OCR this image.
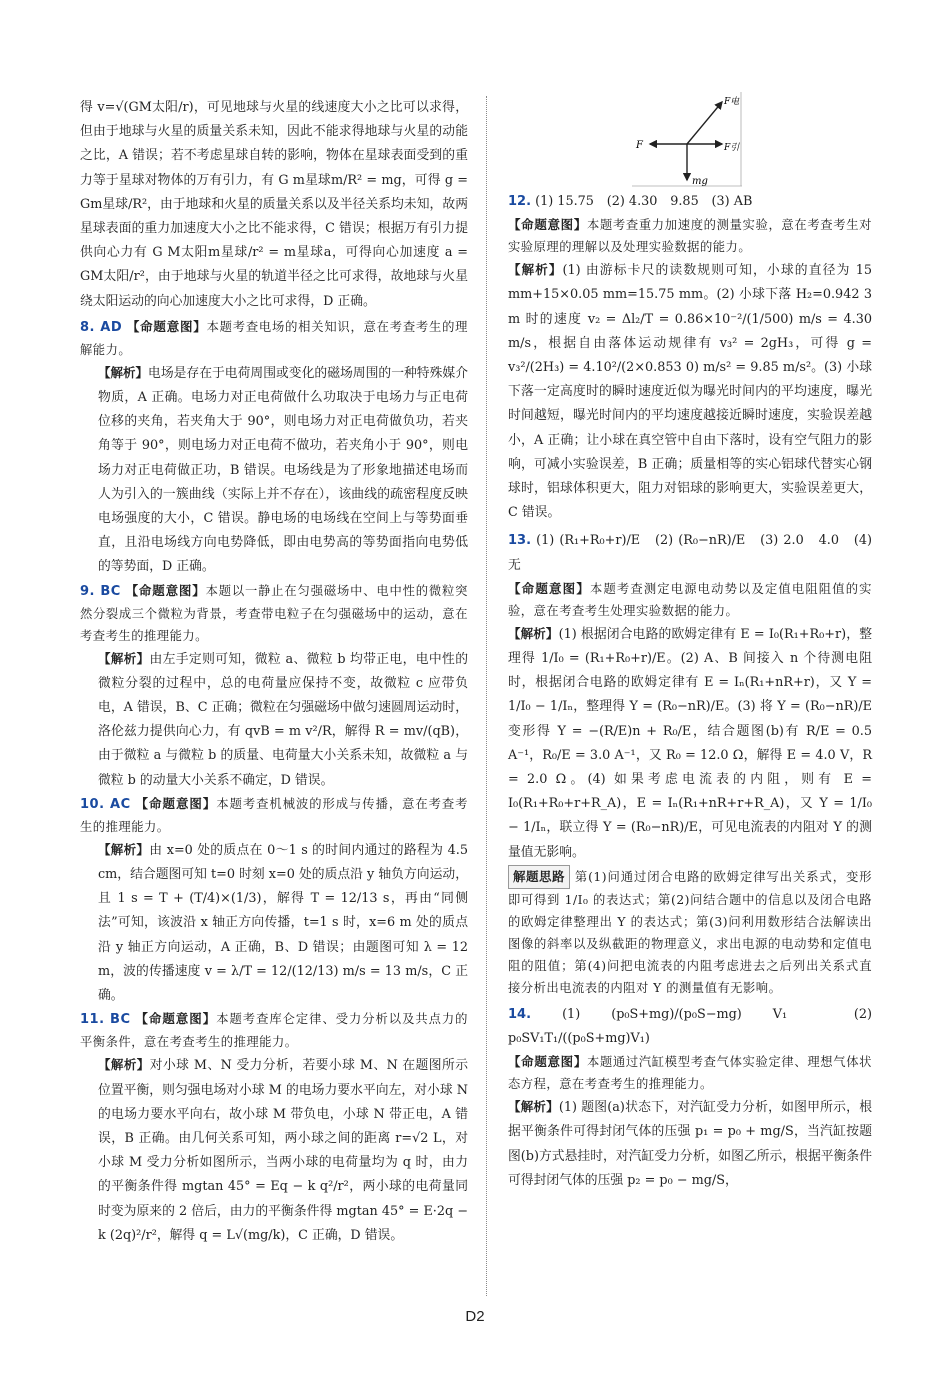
得 v=√(GM太阳/r)，可见地球与火星的线速度大小之比可以求得，但由于地球与火星的质量关系未知，因此不能求得地球与火星的动能之比，A 错误；若不考虑星球自转的影响，物体在星球表面受到的重力等于星球对物体的万有引力，有 G m星球m/R² = mg，可得 g = Gm星球/R²，由于地球和火星的质量关系以及半径关系均未知，故两星球表面的重力加速度大小之比不能求得，C 错误；根据万有引力提供向心力有 G M太阳m星球/r² = m星球a，可得向心加速度 a = GM太阳/r²，由于地球与火星的轨道半径之比可求得，故地球与火星绕太阳运动的向心加速度大小之比可求得，D 正确。

8. AD 【命题意图】本题考查电场的相关知识，意在考查考生的理解能力。

【解析】电场是存在于电荷周围或变化的磁场周围的一种特殊媒介物质，A 正确。电场力对正电荷做什么功取决于电场力与正电荷位移的夹角，若夹角大于 90°，则电场力对正电荷做负功，若夹角等于 90°，则电场力对正电荷不做功，若夹角小于 90°，则电场力对正电荷做正功，B 错误。电场线是为了形象地描述电场而人为引入的一簇曲线（实际上并不存在），该曲线的疏密程度反映电场强度的大小，C 错误。静电场的电场线在空间上与等势面垂直，且沿电场线方向电势降低，即由电势高的等势面指向电势低的等势面，D 正确。

9. BC 【命题意图】本题以一静止在匀强磁场中、电中性的微粒突然分裂成三个微粒为背景，考查带电粒子在匀强磁场中的运动，意在考查考生的推理能力。

【解析】由左手定则可知，微粒 a、微粒 b 均带正电，电中性的微粒分裂的过程中，总的电荷量应保持不变，故微粒 c 应带负电，A 错误，B、C 正确；微粒在匀强磁场中做匀速圆周运动时，洛伦兹力提供向心力，有 qvB = m v²/R，解得 R = mv/(qB)，由于微粒 a 与微粒 b 的质量、电荷量大小关系未知，故微粒 a 与微粒 b 的动量大小关系不确定，D 错误。

10. AC 【命题意图】本题考查机械波的形成与传播，意在考查考生的推理能力。

【解析】由 x=0 处的质点在 0～1 s 的时间内通过的路程为 4.5 cm，结合题图可知 t=0 时刻 x=0 处的质点沿 y 轴负方向运动，且 1 s = T + (T/4)×(1/3)，解得 T = 12/13 s，再由“同侧法”可知，该波沿 x 轴正方向传播，t=1 s 时，x=6 m 处的质点沿 y 轴正方向运动，A 正确，B、D 错误；由题图可知 λ = 12 m，波的传播速度 v = λ/T = 12/(12/13) m/s = 13 m/s，C 正确。

11. BC 【命题意图】本题考查库仑定律、受力分析以及共点力的平衡条件，意在考查考生的推理能力。

【解析】对小球 M、N 受力分析，若要小球 M、N 在题图所示位置平衡，则匀强电场对小球 M 的电场力要水平向左，对小球 N 的电场力要水平向右，故小球 M 带负电，小球 N 带正电，A 错误，B 正确。由几何关系可知，两小球之间的距离 r=√2 L，对小球 M 受力分析如图所示，当两小球的电荷量均为 q 时，由力的平衡条件得 mgtan 45° = Eq − k q²/r²，两小球的电荷量同时变为原来的 2 倍后，由力的平衡条件得 mgtan 45° = E·2q − k (2q)²/r²，解得 q = L√(mg/k)，C 正确，D 错误。

F
F电
F引
mg

12. (1) 15.75　(2) 4.30　9.85　(3) AB

【命题意图】本题考查重力加速度的测量实验，意在考查考生对实验原理的理解以及处理实验数据的能力。

【解析】(1) 由游标卡尺的读数规则可知，小球的直径为 15 mm+15×0.05 mm=15.75 mm。(2) 小球下落 H₂=0.942 3 m 时的速度 v₂ = Δl₂/T = 0.86×10⁻²/(1/500) m/s = 4.30 m/s，根据自由落体运动规律有 v₃² = 2gH₃，可得 g = v₃²/(2H₃) = 4.10²/(2×0.853 0) m/s² = 9.85 m/s²。(3) 小球下落一定高度时的瞬时速度近似为曝光时间内的平均速度，曝光时间越短，曝光时间内的平均速度越接近瞬时速度，实验误差越小，A 正确；让小球在真空管中自由下落时，设有空气阻力的影响，可减小实验误差，B 正确；质量相等的实心铝球代替实心钢球时，铝球体积更大，阻力对铝球的影响更大，实验误差更大，C 错误。

13. (1) (R₁+R₀+r)/E　(2) (R₀−nR)/E　(3) 2.0　4.0　(4) 无

【命题意图】本题考查测定电源电动势以及定值电阻阻值的实验，意在考查考生处理实验数据的能力。

【解析】(1) 根据闭合电路的欧姆定律有 E = I₀(R₁+R₀+r)，整理得 1/I₀ = (R₁+R₀+r)/E。(2) A、B 间接入 n 个待测电阻时，根据闭合电路的欧姆定律有 E = Iₙ(R₁+nR+r)，又 Y = 1/I₀ − 1/Iₙ，整理得 Y = (R₀−nR)/E。(3) 将 Y = (R₀−nR)/E 变形得 Y = −(R/E)n + R₀/E，结合题图(b)有 R/E = 0.5 A⁻¹，R₀/E = 3.0 A⁻¹，又 R₀ = 12.0 Ω，解得 E = 4.0 V，R = 2.0 Ω。(4) 如果考虑电流表的内阻，则有 E = I₀(R₁+R₀+r+R_A)，E = Iₙ(R₁+nR+r+R_A)，又 Y = 1/I₀ − 1/Iₙ，联立得 Y = (R₀−nR)/E，可见电流表的内阻对 Y 的测量值无影响。

解题思路 第(1)问通过闭合电路的欧姆定律写出关系式，变形即可得到 1/I₀ 的表达式；第(2)问结合题中的信息以及闭合电路的欧姆定律整理出 Y 的表达式；第(3)问利用数形结合法解读出图像的斜率以及纵截距的物理意义，求出电源的电动势和定值电阻的阻值；第(4)问把电流表的内阻考虑进去之后列出关系式直接分析出电流表的内阻对 Y 的测量值有无影响。

14. (1) (p₀S+mg)/(p₀S−mg) V₁　(2) p₀SV₁T₁/((p₀S+mg)V₁)

【命题意图】本题通过汽缸模型考查气体实验定律、理想气体状态方程，意在考查考生的推理能力。

【解析】(1) 题图(a)状态下，对汽缸受力分析，如图甲所示，根据平衡条件可得封闭气体的压强 p₁ = p₀ + mg/S，当汽缸按题图(b)方式悬挂时，对汽缸受力分析，如图乙所示，根据平衡条件可得封闭气体的压强 p₂ = p₀ − mg/S，

D2
